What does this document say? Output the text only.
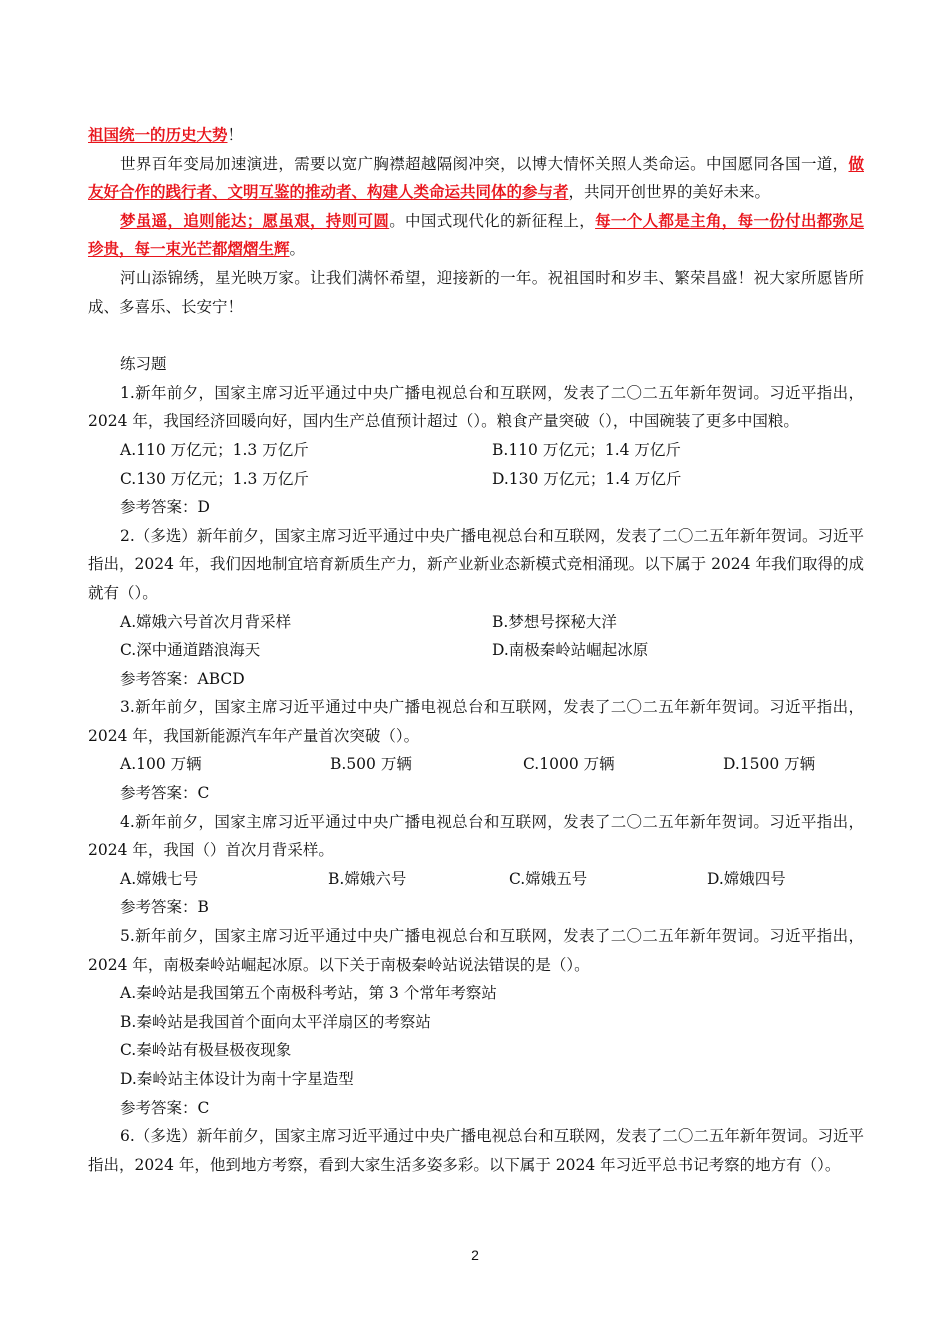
祖国统一的历史大势！

世界百年变局加速演进，需要以宽广胸襟超越隔阂冲突，以博大情怀关照人类命运。中国愿同各国一道，做友好合作的践行者、文明互鉴的推动者、构建人类命运共同体的参与者，共同开创世界的美好未来。

梦虽遥，追则能达；愿虽艰，持则可圆。中国式现代化的新征程上，每一个人都是主角，每一份付出都弥足珍贵，每一束光芒都熠熠生辉。

河山添锦绣，星光映万家。让我们满怀希望，迎接新的一年。祝祖国时和岁丰、繁荣昌盛！祝大家所愿皆所成、多喜乐、长安宁！

练习题

1.新年前夕，国家主席习近平通过中央广播电视总台和互联网，发表了二〇二五年新年贺词。习近平指出，2024 年，我国经济回暖向好，国内生产总值预计超过（）。粮食产量突破（），中国碗装了更多中国粮。

A.110 万亿元；1.3 万亿斤	B.110 万亿元；1.4 万亿斤
C.130 万亿元；1.3 万亿斤	D.130 万亿元；1.4 万亿斤

参考答案：D

2.（多选）新年前夕，国家主席习近平通过中央广播电视总台和互联网，发表了二〇二五年新年贺词。习近平指出，2024 年，我们因地制宜培育新质生产力，新产业新业态新模式竞相涌现。以下属于 2024 年我们取得的成就有（）。

A.嫦娥六号首次月背采样	B.梦想号探秘大洋
C.深中通道踏浪海天	D.南极秦岭站崛起冰原

参考答案：ABCD

3.新年前夕，国家主席习近平通过中央广播电视总台和互联网，发表了二〇二五年新年贺词。习近平指出，2024 年，我国新能源汽车年产量首次突破（）。

A.100 万辆	B.500 万辆	C.1000 万辆	D.1500 万辆

参考答案：C

4.新年前夕，国家主席习近平通过中央广播电视总台和互联网，发表了二〇二五年新年贺词。习近平指出，2024 年，我国（）首次月背采样。

A.嫦娥七号	B.嫦娥六号	C.嫦娥五号	D.嫦娥四号

参考答案：B

5.新年前夕，国家主席习近平通过中央广播电视总台和互联网，发表了二〇二五年新年贺词。习近平指出，2024 年，南极秦岭站崛起冰原。以下关于南极秦岭站说法错误的是（）。

A.秦岭站是我国第五个南极科考站，第 3 个常年考察站

B.秦岭站是我国首个面向太平洋扇区的考察站

C.秦岭站有极昼极夜现象

D.秦岭站主体设计为南十字星造型

参考答案：C

6.（多选）新年前夕，国家主席习近平通过中央广播电视总台和互联网，发表了二〇二五年新年贺词。习近平指出，2024 年，他到地方考察，看到大家生活多姿多彩。以下属于 2024 年习近平总书记考察的地方有（）。

2
